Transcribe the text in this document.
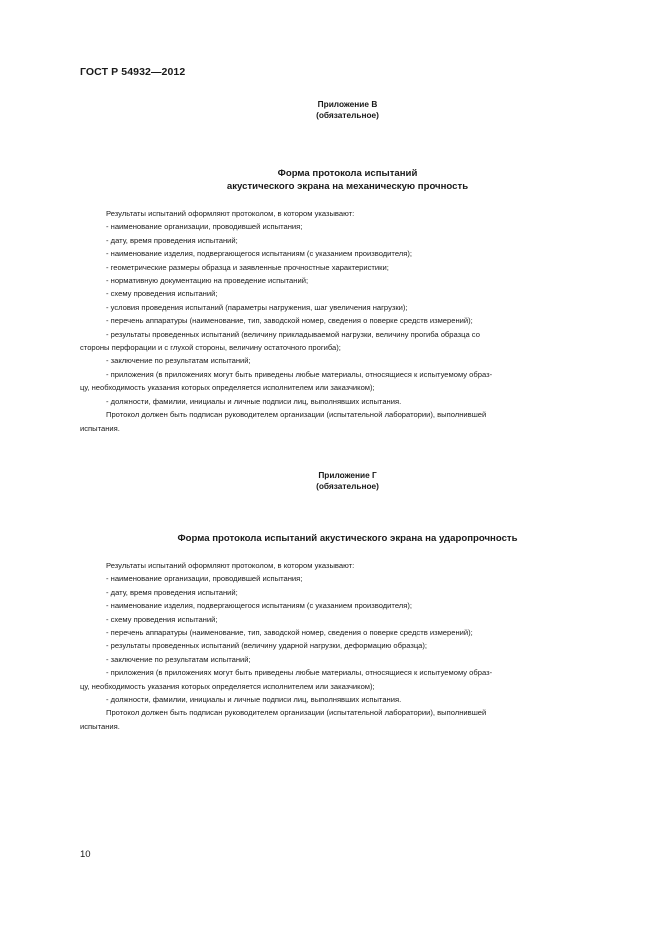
ГОСТ Р 54932—2012

Приложение В

(обязательное)

Форма протокола испытаний

акустического экрана на механическую прочность

Результаты испытаний оформляют протоколом, в котором указывают:

- наименование организации, проводившей испытания;

- дату, время проведения испытаний;

- наименование изделия, подвергающегося испытаниям (с указанием производителя);

- геометрические размеры образца и заявленные прочностные характеристики;

- нормативную документацию на проведение испытаний;

- схему проведения испытаний;

- условия проведения испытаний (параметры нагружения, шаг увеличения нагрузки);

- перечень аппаратуры (наименование, тип, заводской номер, сведения о поверке средств измерений);

- результаты проведенных испытаний (величину прикладываемой нагрузки, величину прогиба образца со

стороны перфорации и с глухой стороны, величину остаточного прогиба);

- заключение по результатам испытаний;

- приложения (в приложениях могут быть приведены любые материалы, относящиеся к испытуемому образ-

цу, необходимость указания которых определяется исполнителем или заказчиком);

- должности, фамилии, инициалы и личные подписи лиц, выполнявших испытания.

Протокол должен быть подписан руководителем организации (испытательной лаборатории), выполнившей

испытания.

Приложение Г

(обязательное)

Форма протокола испытаний акустического экрана на ударопрочность

Результаты испытаний оформляют протоколом, в котором указывают:

- наименование организации, проводившей испытания;

- дату, время проведения испытаний;

- наименование изделия, подвергающегося испытаниям (с указанием производителя);

- схему проведения испытаний;

- перечень аппаратуры (наименование, тип, заводской номер, сведения о поверке средств измерений);

- результаты проведенных испытаний (величину ударной нагрузки, деформацию образца);

- заключение по результатам испытаний;

- приложения (в приложениях могут быть приведены любые материалы, относящиеся к испытуемому образ-

цу, необходимость указания которых определяется исполнителем или заказчиком);

- должности, фамилии, инициалы и личные подписи лиц, выполнявших испытания.

Протокол должен быть подписан руководителем организации (испытательной лаборатории), выполнившей

испытания.

10
